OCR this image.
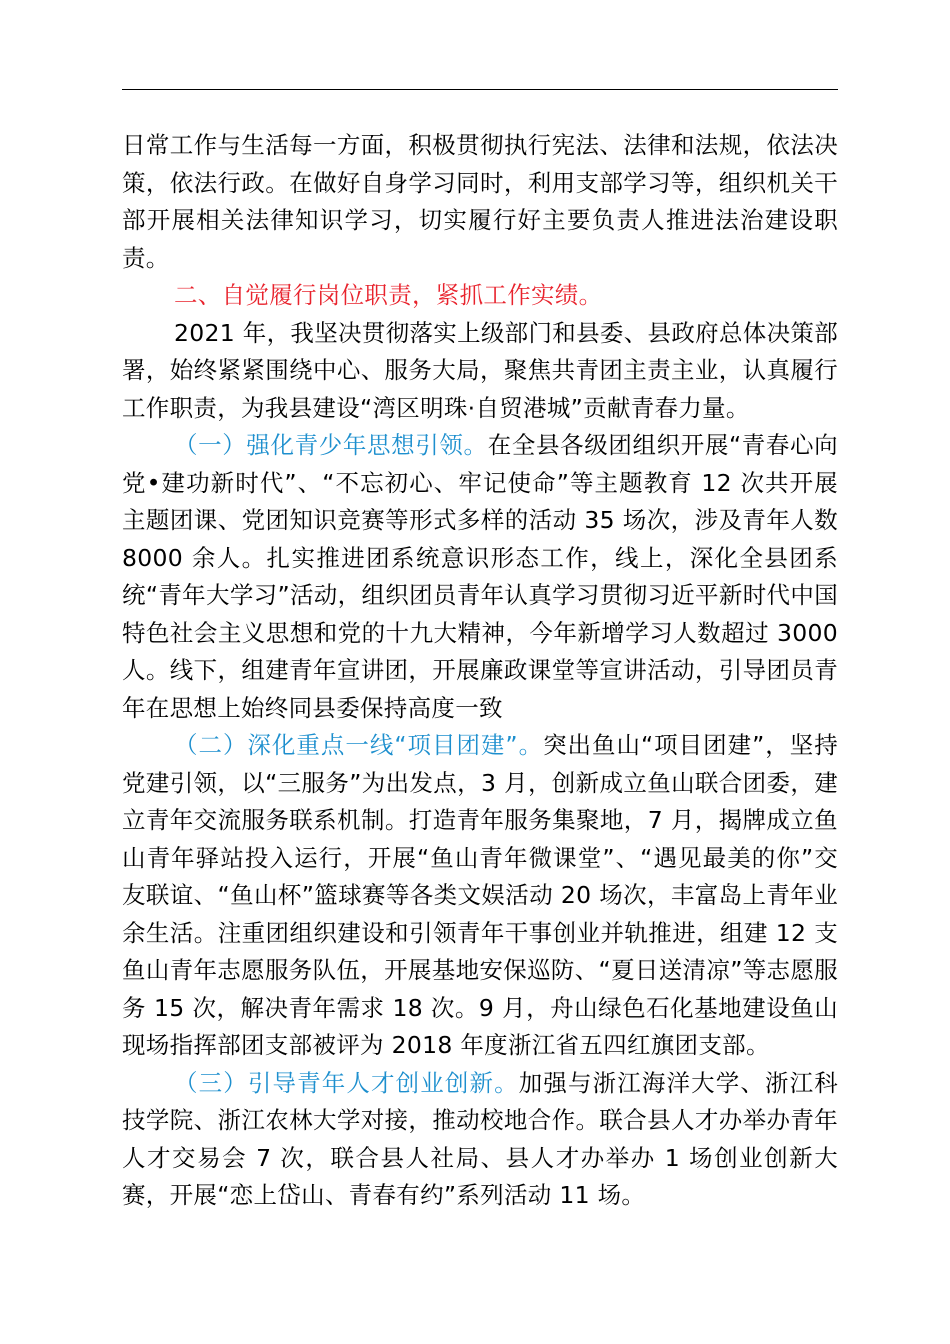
日常工作与生活每一方面，积极贯彻执行宪法、法律和法规，依法决策，依法行政。在做好自身学习同时，利用支部学习等，组织机关干部开展相关法律知识学习，切实履行好主要负责人推进法治建设职责。

二、自觉履行岗位职责，紧抓工作实绩。

2021 年，我坚决贯彻落实上级部门和县委、县政府总体决策部署，始终紧紧围绕中心、服务大局，聚焦共青团主责主业，认真履行工作职责，为我县建设“湾区明珠·自贸港城”贡献青春力量。

（一）强化青少年思想引领。在全县各级团组织开展“青春心向党•建功新时代”、“不忘初心、牢记使命”等主题教育 12 次共开展主题团课、党团知识竞赛等形式多样的活动 35 场次，涉及青年人数 8000 余人。扎实推进团系统意识形态工作，线上，深化全县团系统“青年大学习”活动，组织团员青年认真学习贯彻习近平新时代中国特色社会主义思想和党的十九大精神，今年新增学习人数超过 3000 人。线下，组建青年宣讲团，开展廉政课堂等宣讲活动，引导团员青年在思想上始终同县委保持高度一致

（二）深化重点一线“项目团建”。突出鱼山“项目团建”，坚持党建引领，以“三服务”为出发点，3 月，创新成立鱼山联合团委，建立青年交流服务联系机制。打造青年服务集聚地，7 月，揭牌成立鱼山青年驿站投入运行，开展“鱼山青年微课堂”、“遇见最美的你”交友联谊、“鱼山杯”篮球赛等各类文娱活动 20 场次，丰富岛上青年业余生活。注重团组织建设和引领青年干事创业并轨推进，组建 12 支鱼山青年志愿服务队伍，开展基地安保巡防、“夏日送清凉”等志愿服务 15 次，解决青年需求 18 次。9 月，舟山绿色石化基地建设鱼山现场指挥部团支部被评为 2018 年度浙江省五四红旗团支部。

（三）引导青年人才创业创新。加强与浙江海洋大学、浙江科技学院、浙江农林大学对接，推动校地合作。联合县人才办举办青年人才交易会 7 次，联合县人社局、县人才办举办 1 场创业创新大赛，开展“恋上岱山、青春有约”系列活动 11 场。
